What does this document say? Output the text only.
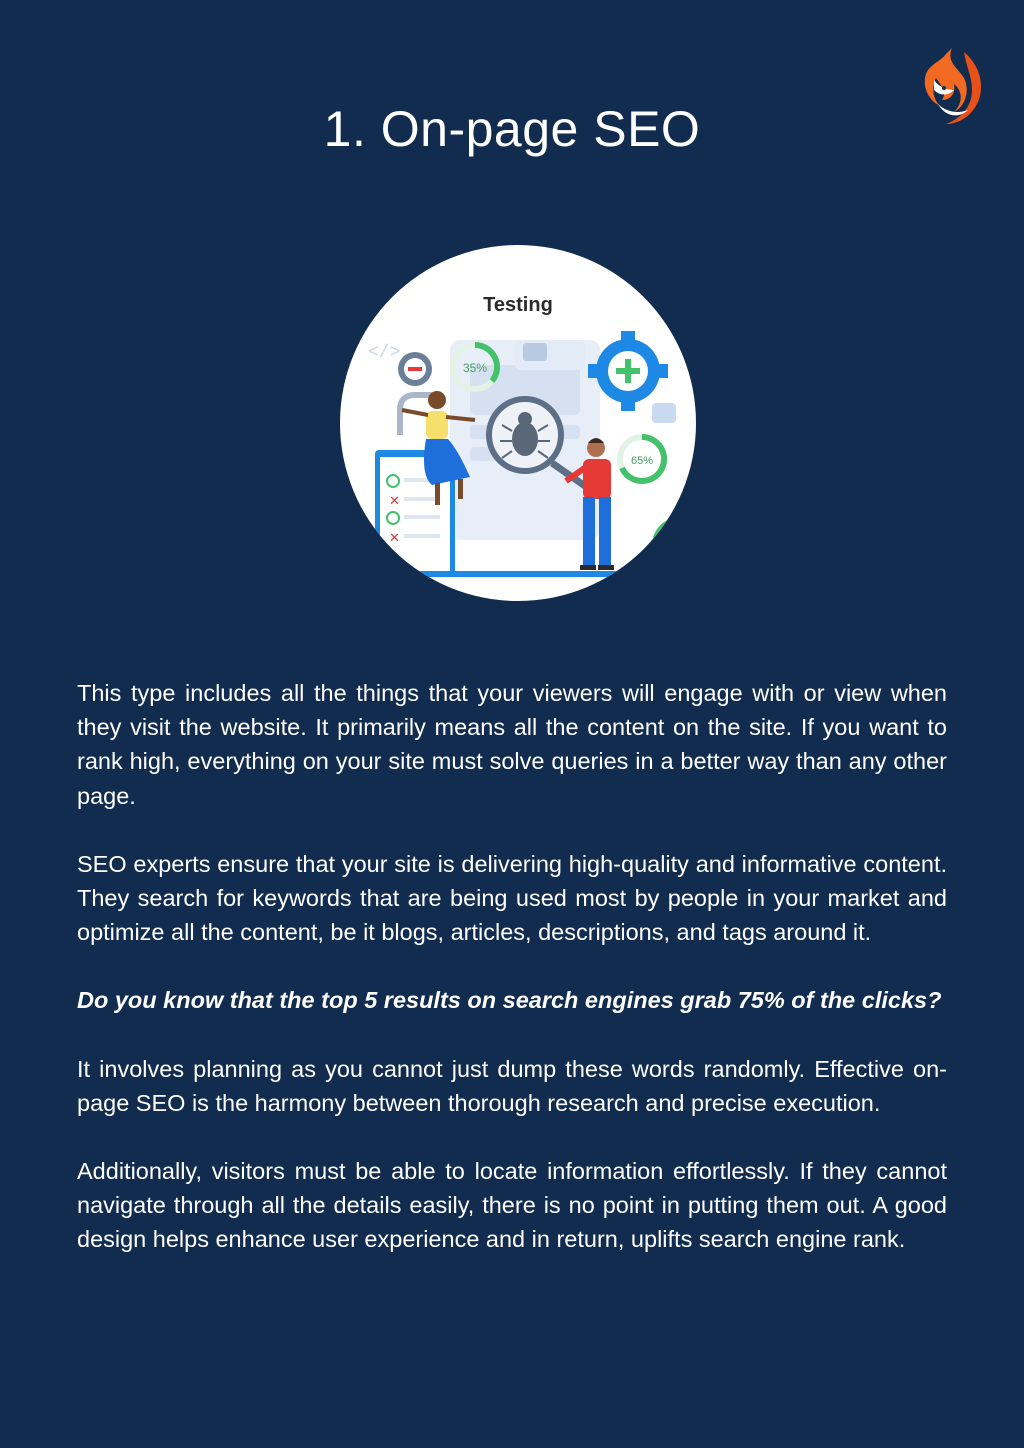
1. On-page SEO
Testing
</>
35%
65%
✕
✕

This type includes all the things that your viewers will engage with or view when they visit the website. It primarily means all the content on the site. If you want to rank high, everything on your site must solve queries in a better way than any other page.

SEO experts ensure that your site is delivering high-quality and informative content. They search for keywords that are being used most by people in your market and optimize all the content, be it blogs, articles, descriptions, and tags around it.

Do you know that the top 5 results on search engines grab 75% of the clicks?

It involves planning as you cannot just dump these words randomly. Effective on-page SEO is the harmony between thorough research and precise execution.

Additionally, visitors must be able to locate information effortlessly. If they cannot navigate through all the details easily, there is no point in putting them out. A good design helps enhance user experience and in return, uplifts search engine rank.
